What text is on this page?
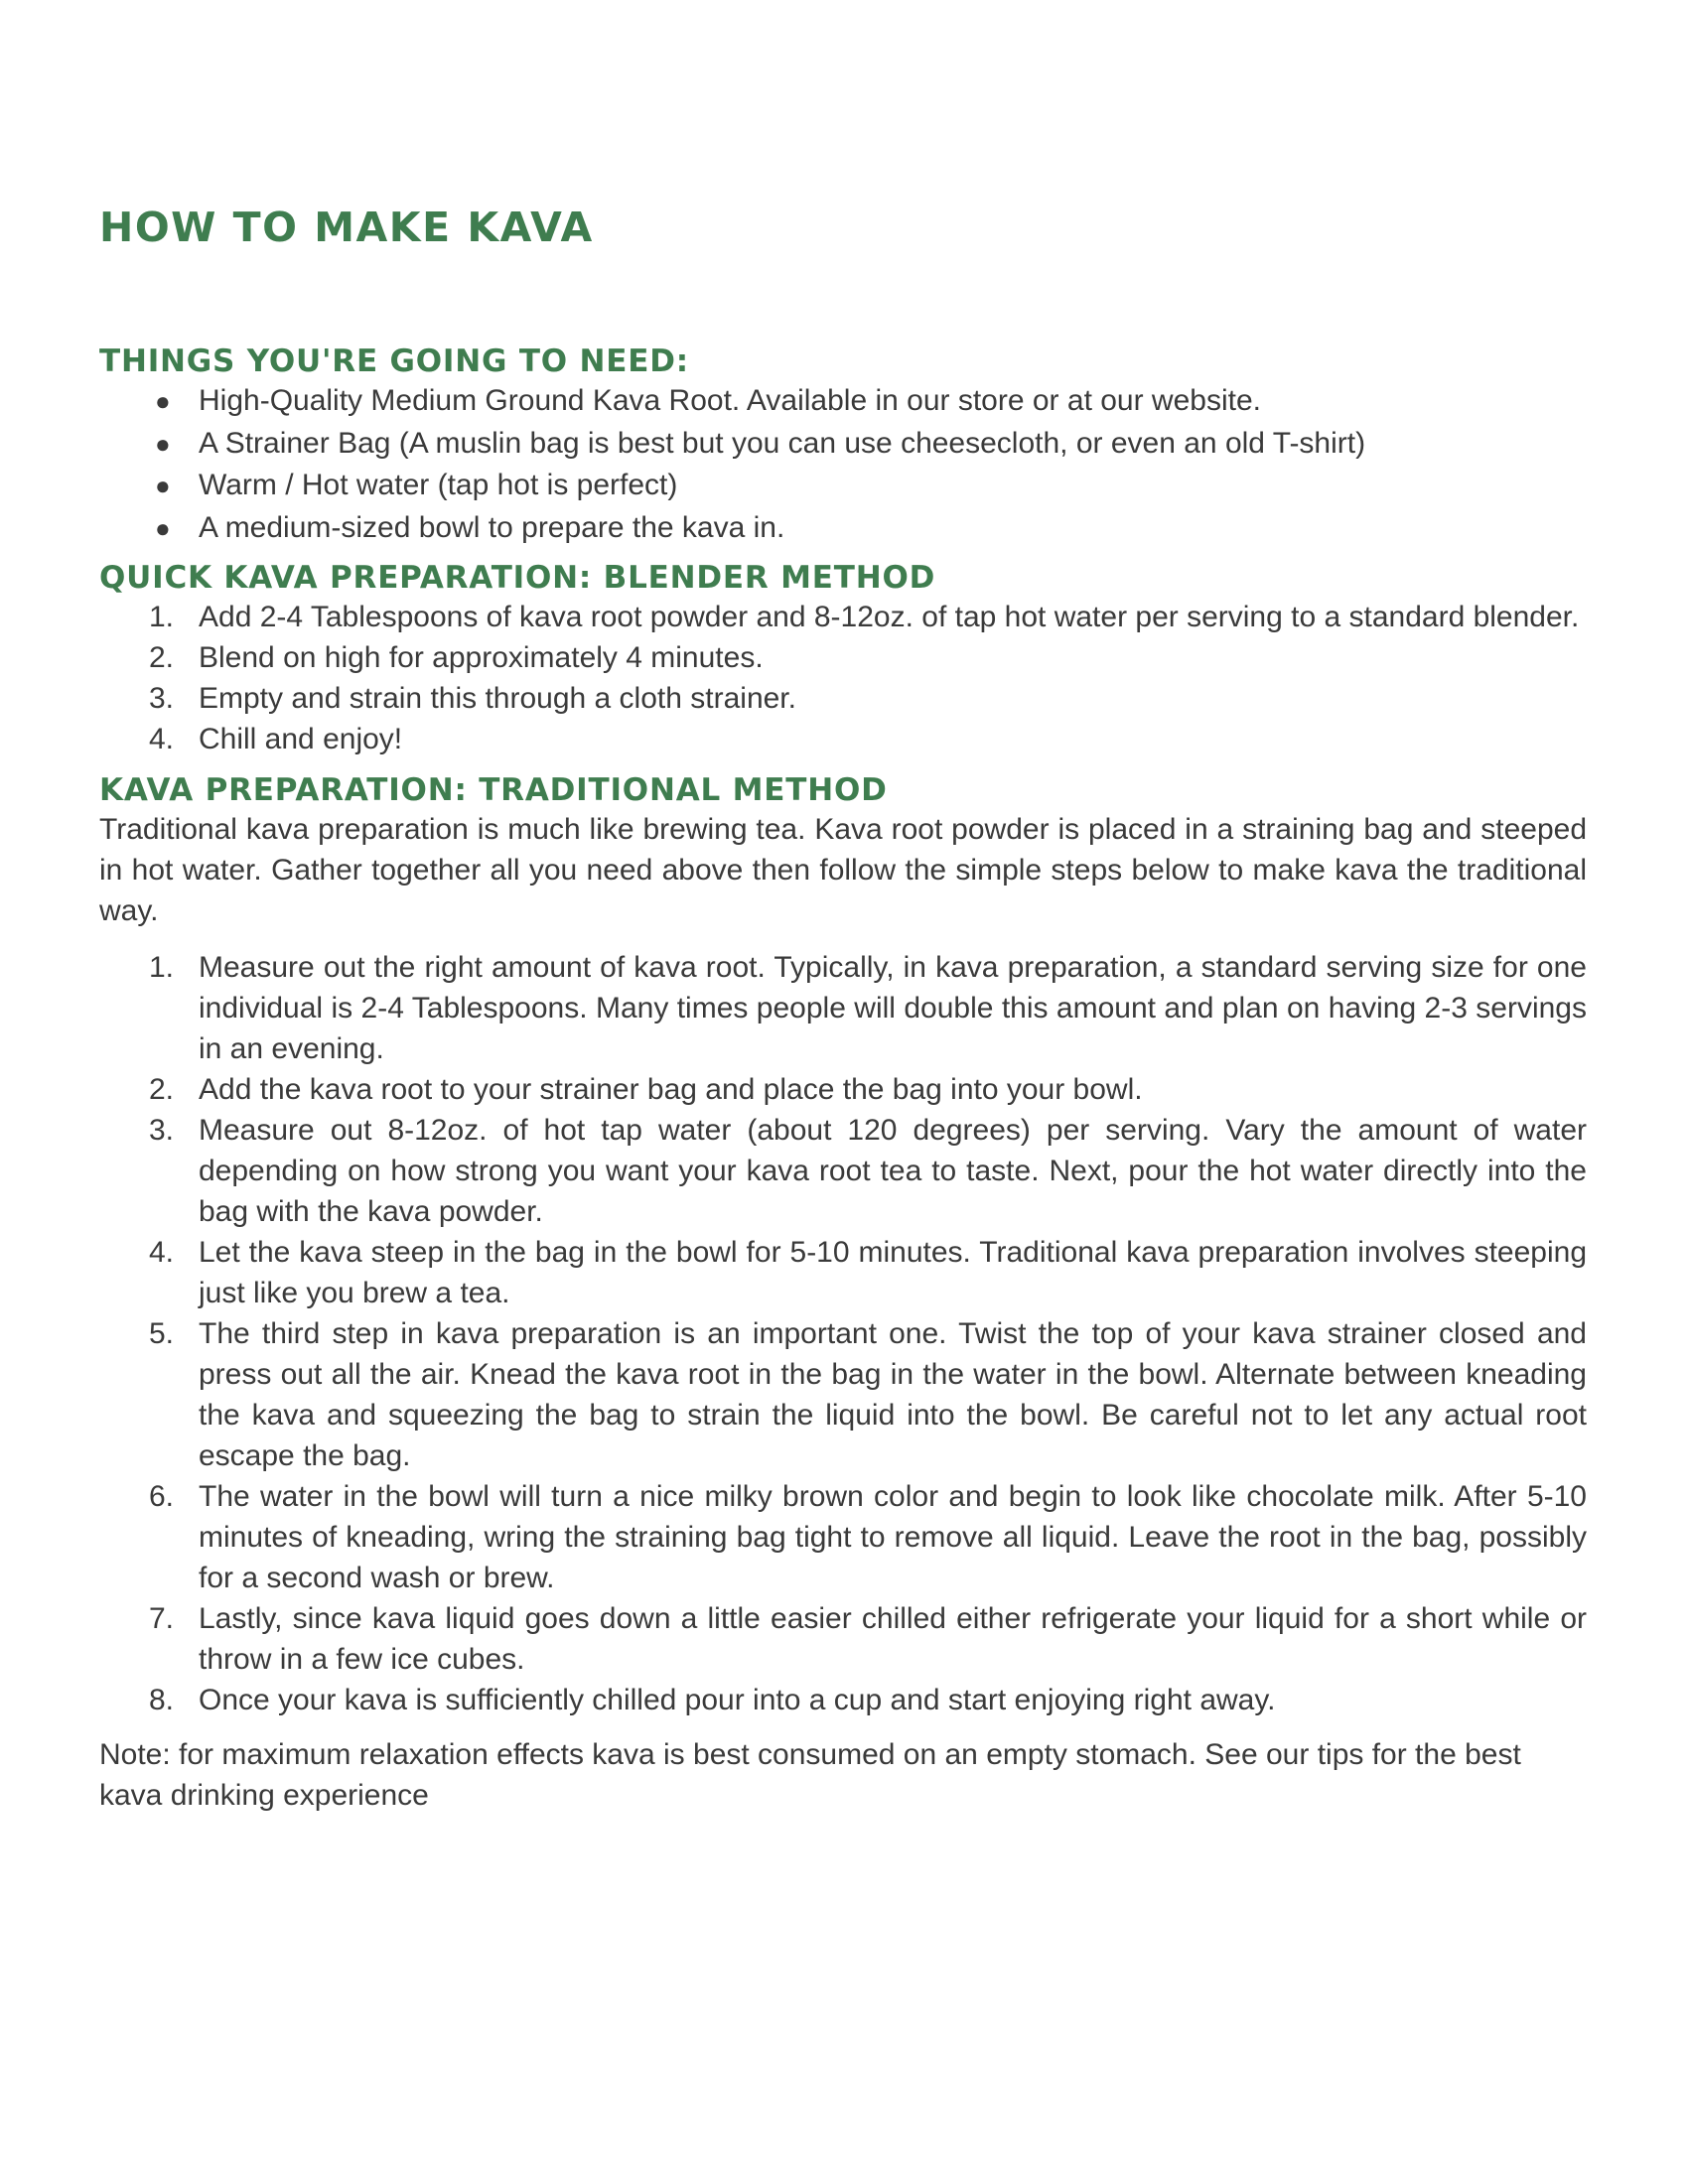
HOW TO MAKE KAVA
THINGS YOU'RE GOING TO NEED:
● High-Quality Medium Ground Kava Root. Available in our store or at our website.
● A Strainer Bag (A muslin bag is best but you can use cheesecloth, or even an old T-shirt)
● Warm / Hot water (tap hot is perfect)
● A medium-sized bowl to prepare the kava in.
QUICK KAVA PREPARATION: BLENDER METHOD
1. Add 2-4 Tablespoons of kava root powder and 8-12oz. of tap hot water per serving to a standard blender.
2. Blend on high for approximately 4 minutes.
3. Empty and strain this through a cloth strainer.
4. Chill and enjoy!
KAVA PREPARATION: TRADITIONAL METHOD

Traditional kava preparation is much like brewing tea. Kava root powder is placed in a straining bag and steeped in hot water. Gather together all you need above then follow the simple steps below to make kava the traditional way.

1. Measure out the right amount of kava root. Typically, in kava preparation, a standard serving size for one individual is 2-4 Tablespoons. Many times people will double this amount and plan on having 2-3 servings in an evening.
2. Add the kava root to your strainer bag and place the bag into your bowl.
3. Measure out 8-12oz. of hot tap water (about 120 degrees) per serving. Vary the amount of water depending on how strong you want your kava root tea to taste. Next, pour the hot water directly into the bag with the kava powder.
4. Let the kava steep in the bag in the bowl for 5-10 minutes. Traditional kava preparation involves steeping just like you brew a tea.
5. The third step in kava preparation is an important one. Twist the top of your kava strainer closed and press out all the air. Knead the kava root in the bag in the water in the bowl. Alternate between kneading the kava and squeezing the bag to strain the liquid into the bowl. Be careful not to let any actual root escape the bag.
6. The water in the bowl will turn a nice milky brown color and begin to look like chocolate milk. After 5-10 minutes of kneading, wring the straining bag tight to remove all liquid. Leave the root in the bag, possibly for a second wash or brew.
7. Lastly, since kava liquid goes down a little easier chilled either refrigerate your liquid for a short while or throw in a few ice cubes.
8. Once your kava is sufficiently chilled pour into a cup and start enjoying right away.

Note: for maximum relaxation effects kava is best consumed on an empty stomach. See our tips for the best kava drinking experience
